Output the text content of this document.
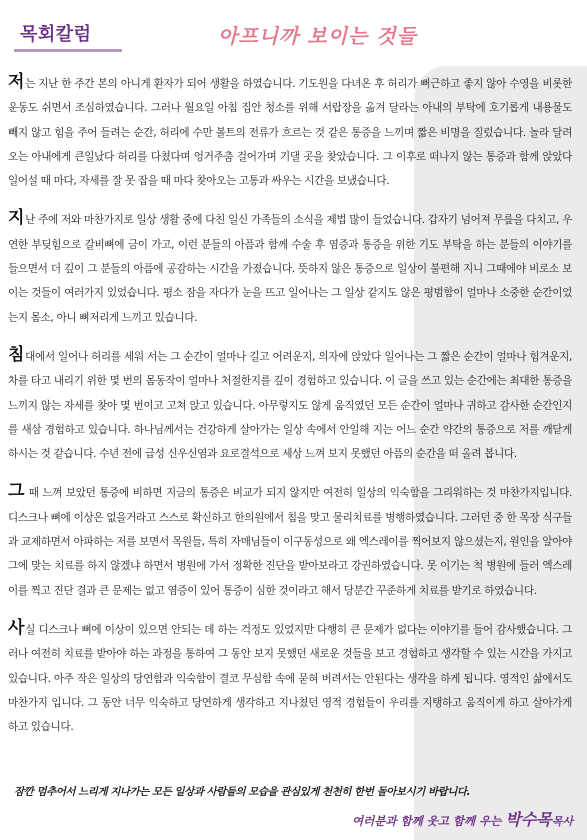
목회칼럼	아프니까 보이는 것들

저는 지난 한 주간 본의 아니게 환자가 되어 생활을 하였습니다. 기도원을 다녀온 후 허리가 뻐근하고 좋지 않아 수영을 비롯한 운동도 쉬면서 조심하였습니다. 그러나 월요일 아침 집안 청소를 위해 서랍장을 옮겨 달라는 아내의 부탁에 호기롭게 내용물도 빼지 않고 힘을 주어 들려는 순간, 허리에 수만 볼트의 전류가 흐르는 것 같은 통증을 느끼며 짧은 비명을 질렀습니다. 놀라 달려오는 아내에게 큰일났다 허리를 다쳤다며 엉거주춤 걸어가며 기댈 곳을 찾았습니다. 그 이후로 떠나지 않는 통증과 함께 앉았다 일어설 때 마다, 자세를 잘 못 잡을 때 마다 찾아오는 고통과 싸우는 시간을 보냈습니다.

지난 주에 저와 마찬가지로 일상 생활 중에 다친 일신 가족들의 소식을 제법 많이 들었습니다. 갑자기 넘어져 무릎을 다치고, 우연한 부딪힘으로 갈비뼈에 금이 가고, 이런 분들의 아픔과 함께 수술 후 염증과 통증을 위한 기도 부탁을 하는 분들의 이야기를 들으면서 더 깊이 그 분들의 아픔에 공감하는 시간을 가졌습니다. 뜻하지 않은 통증으로 일상이 불편해 지니 그때에야 비로소 보이는 것들이 여러가지 있었습니다. 평소 잠을 자다가 눈을 뜨고 일어나는 그 일상 같지도 않은 평범함이 얼마나 소중한 순간이었는지 몸소, 아니 뼈저리게 느끼고 있습니다.

침대에서 일어나 허리를 세워 서는 그 순간이 얼마나 길고 어려운지, 의자에 앉았다 일어나는 그 짧은 순간이 얼마나 힘겨운지, 차를 타고 내리기 위한 몇 번의 몸동작이 얼마나 처절한지를 깊이 경험하고 있습니다. 이 글을 쓰고 있는 순간에는 최대한 통증을 느끼지 않는 자세를 찾아 몇 번이고 고쳐 앉고 있습니다. 아무렇지도 않게 움직였던 모든 순간이 얼마나 귀하고 감사한 순간인지를 새삼 경험하고 있습니다. 하나님께서는 건강하게 살아가는 일상 속에서 안일해 지는 어느 순간 약간의 통증으로 저를 깨닫게 하시는 것 같습니다. 수년 전에 급성 신우신염과 요로결석으로 세상 느껴 보지 못했던 아픔의 순간을 떠 올려 봅니다.

그 때 느껴 보았던 통증에 비하면 지금의 통증은 비교가 되지 않지만 여전히 일상의 익숙함을 그리워하는 것 마찬가지입니다. 디스크나 뼈에 이상은 없을거라고 스스로 확신하고 한의원에서 침을 맞고 물리치료를 병행하였습니다. 그러던 중 한 목장 식구들과 교제하면서 아파하는 저를 보면서 목원들, 특히 자매님들이 이구동성으로 왜 엑스레이를 찍어보지 않으셨는지, 원인을 알아야 그에 맞는 치료를 하지 않겠냐 하면서 병원에 가서 정확한 진단을 받아보라고 강권하였습니다. 못 이기는 척 병원에 들러 엑스레이를 찍고 진단 결과 큰 문제는 없고 염증이 있어 통증이 심한 것이라고 해서 당분간 꾸준하게 치료를 받기로 하였습니다.

사실 디스크나 뼈에 이상이 있으면 안되는 데 하는 걱정도 있었지만 다행히 큰 문제가 없다는 이야기를 들어 감사했습니다. 그러나 여전히 치료를 받아야 하는 과정을 통하여 그 동안 보지 못했던 새로운 것들을 보고 경험하고 생각할 수 있는 시간을 가지고 있습니다. 아주 작은 일상의 당연함과 익숙함이 결코 무심함 속에 묻혀 버려서는 안된다는 생각을 하게 됩니다. 영적인 삶에서도 마찬가지 입니다. 그 동안 너무 익숙하고 당연하게 생각하고 지나쳤던 영적 경험들이 우리를 지탱하고 움직이게 하고 살아가게 하고 있습니다.

잠깐 멈추어서 느리게 지나가는 모든 일상과 사람들의 모습을 관심있게 천천히 한번 돌아보시기 바랍니다.
여러분과 함께 웃고 함께 우는 박수목목사
